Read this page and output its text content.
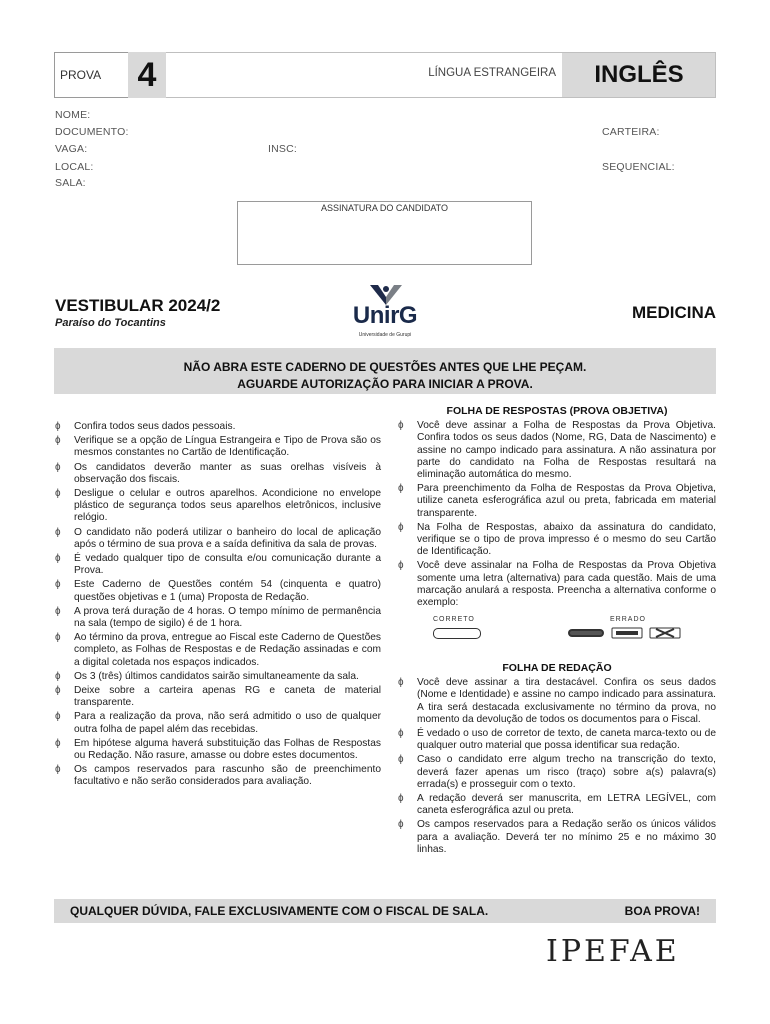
PROVA 4	LÍNGUA ESTRANGEIRA	INGLÊS
NOME:
DOCUMENTO:	CARTEIRA:
VAGA:	INSC:
LOCAL:	SEQUENCIAL:
SALA:
ASSINATURA DO CANDIDATO
VESTIBULAR 2024/2
Paraíso do Tocantins
MEDICINA
UnirG
Universidade de Gurupi
NÃO ABRA ESTE CADERNO DE QUESTÕES ANTES QUE LHE PEÇAM.
AGUARDE AUTORIZAÇÃO PARA INICIAR A PROVA.
ɸ Confira todos seus dados pessoais.

ɸ Verifique se a opção de Língua Estrangeira e Tipo de Prova são os mesmos constantes no Cartão de Identificação.

ɸ Os candidatos deverão manter as suas orelhas visíveis à observação dos fiscais.

ɸ Desligue o celular e outros aparelhos. Acondicione no envelope plástico de segurança todos seus aparelhos eletrônicos, inclusive relógio.

ɸ O candidato não poderá utilizar o banheiro do local de aplicação após o término de sua prova e a saída definitiva da sala de provas.

ɸ É vedado qualquer tipo de consulta e/ou comunicação durante a Prova.

ɸ Este Caderno de Questões contém 54 (cinquenta e quatro) questões objetivas e 1 (uma) Proposta de Redação.

ɸ A prova terá duração de 4 horas. O tempo mínimo de permanência na sala (tempo de sigilo) é de 1 hora.

ɸ Ao término da prova, entregue ao Fiscal este Caderno de Questões completo, as Folhas de Respostas e de Redação assinadas e com a digital coletada nos espaços indicados.

ɸ Os 3 (três) últimos candidatos sairão simultaneamente da sala.

ɸ Deixe sobre a carteira apenas RG e caneta de material transparente.

ɸ Para a realização da prova, não será admitido o uso de qualquer outra folha de papel além das recebidas.

ɸ Em hipótese alguma haverá substituição das Folhas de Respostas ou Redação. Não rasure, amasse ou dobre estes documentos.

ɸ Os campos reservados para rascunho são de preenchimento facultativo e não serão considerados para avaliação.

FOLHA DE RESPOSTAS (PROVA OBJETIVA)
ɸ Você deve assinar a Folha de Respostas da Prova Objetiva. Confira todos os seus dados (Nome, RG, Data de Nascimento) e assine no campo indicado para assinatura. A não assinatura por parte do candidato na Folha de Respostas resultará na eliminação automática do mesmo.

ɸ Para preenchimento da Folha de Respostas da Prova Objetiva, utilize caneta esferográfica azul ou preta, fabricada em material transparente.

ɸ Na Folha de Respostas, abaixo da assinatura do candidato, verifique se o tipo de prova impresso é o mesmo do seu Cartão de Identificação.

ɸ Você deve assinalar na Folha de Respostas da Prova Objetiva somente uma letra (alternativa) para cada questão. Mais de uma marcação anulará a resposta. Preencha a alternativa conforme o exemplo:

CORRETO	ERRADO
FOLHA DE REDAÇÃO
ɸ Você deve assinar a tira destacável. Confira os seus dados (Nome e Identidade) e assine no campo indicado para assinatura. A tira será destacada exclusivamente no término da prova, no momento da devolução de todos os documentos para o Fiscal.

ɸ É vedado o uso de corretor de texto, de caneta marca-texto ou de qualquer outro material que possa identificar sua redação.

ɸ Caso o candidato erre algum trecho na transcrição do texto, deverá fazer apenas um risco (traço) sobre a(s) palavra(s) errada(s) e prosseguir com o texto.

ɸ A redação deverá ser manuscrita, em LETRA LEGÍVEL, com caneta esferográfica azul ou preta.

ɸ Os campos reservados para a Redação serão os únicos válidos para a avaliação. Deverá ter no mínimo 25 e no máximo 30 linhas.

QUALQUER DÚVIDA, FALE EXCLUSIVAMENTE COM O FISCAL DE SALA.	BOA PROVA!
IPEFAE
